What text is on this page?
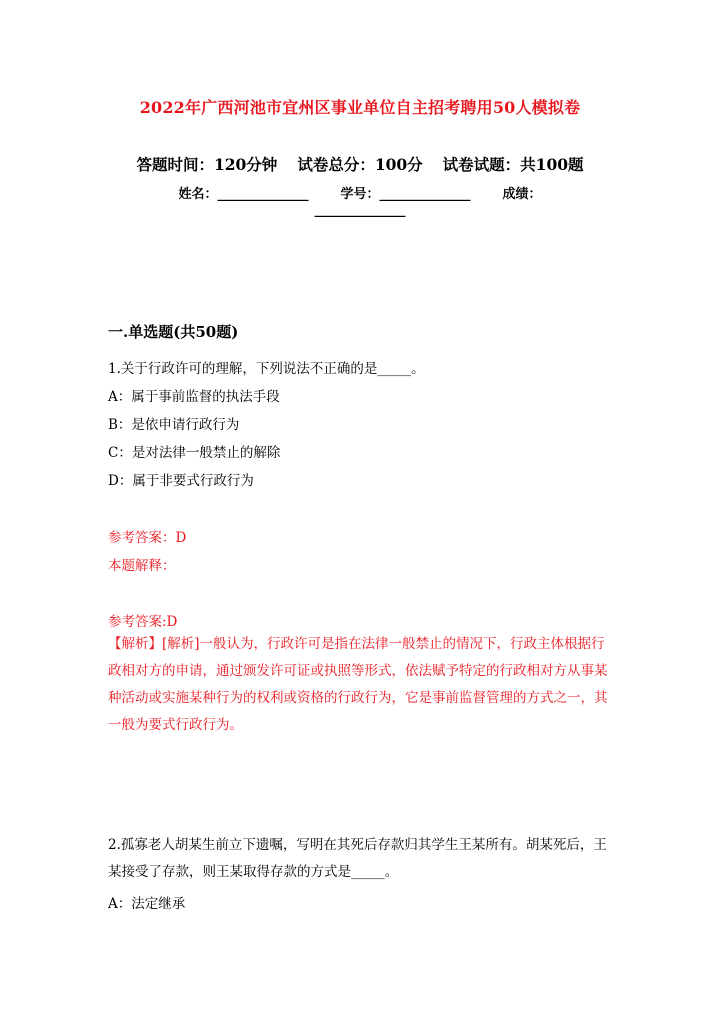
2022年广西河池市宜州区事业单位自主招考聘用50人模拟卷
答题时间：120分钟 试卷总分：100分 试卷试题：共100题
姓名：______________ 学号：______________ 成绩：
______________
一.单选题(共50题)
1.关于行政许可的理解，下列说法不正确的是_____。
A：属于事前监督的执法手段
B：是依申请行政行为
C：是对法律一般禁止的解除
D：属于非要式行政行为
参考答案：D
本题解释：
参考答案:D
【解析】[解析]一般认为，行政许可是指在法律一般禁止的情况下，行政主体根据行政相对方的申请，通过颁发许可证或执照等形式，依法赋予特定的行政相对方从事某种活动或实施某种行为的权利或资格的行政行为，它是事前监督管理的方式之一，其一般为要式行政行为。
2.孤寡老人胡某生前立下遗嘱，写明在其死后存款归其学生王某所有。胡某死后，王某接受了存款，则王某取得存款的方式是_____。
A：法定继承
